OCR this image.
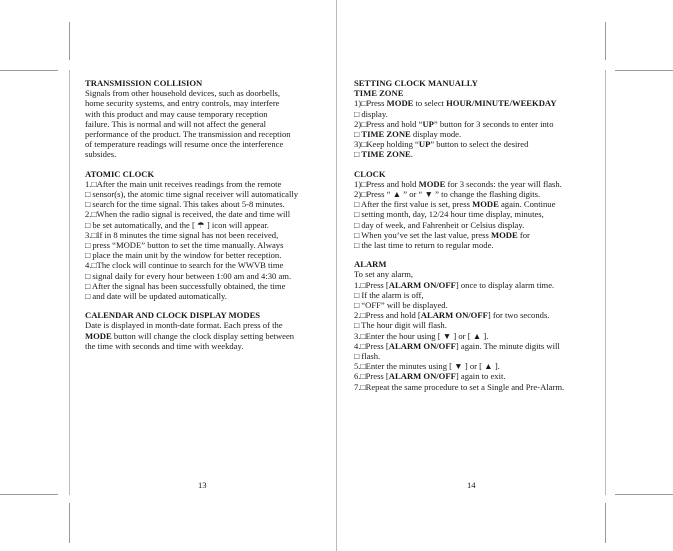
TRANSMISSION COLLISION

Signals from other household devices, such as doorbells,

home security systems, and entry controls, may interfere

with this product and may cause temporary reception

failure. This is normal and will not affect the general

performance of the product. The transmission and reception

of temperature readings will resume once the interference

subsides.

ATOMIC CLOCK

1.□After the main unit receives readings from the remote

□ sensor(s), the atomic time signal receiver will automatically

□ search for the time signal. This takes about 5-8 minutes.

2.□When the radio signal is received, the date and time will

□ be set automatically, and the [ ☂ ] icon will appear.

3.□If in 8 minutes the time signal has not been received,

□ press “MODE” button to set the time manually. Always

□ place the main unit by the window for better reception.

4.□The clock will continue to search for the WWVB time

□ signal daily for every hour between 1:00 am and 4:30 am.

□ After the signal has been successfully obtained, the time

□ and date will be updated automatically.

CALENDAR AND CLOCK DISPLAY MODES

Date is displayed in month-date format. Each press of the

MODE button will change the clock display setting between

the time with seconds and time with weekday.

13

SETTING CLOCK MANUALLY

TIME ZONE

1)□Press MODE to select HOUR/MINUTE/WEEKDAY

□ display.

2)□Press and hold “UP” button for 3 seconds to enter into

□ TIME ZONE display mode.

3)□Keep holding “UP” button to select the desired

□ TIME ZONE.

CLOCK

1)□Press and hold MODE for 3 seconds: the year will flash.

2)□Press “ ▲ ” or “ ▼ ” to change the flashing digits.

□ After the first value is set, press MODE again. Continue

□ setting month, day, 12/24 hour time display, minutes,

□ day of week, and Fahrenheit or Celsius display.

□ When you’ve set the last value, press MODE for

□ the last time to return to regular mode.

ALARM

To set any alarm,

1.□Press [ALARM ON/OFF] once to display alarm time.

□ If the alarm is off,

□ “OFF” will be displayed.

2.□Press and hold [ALARM ON/OFF] for two seconds.

□ The hour digit will flash.

3.□Enter the hour using [ ▼ ] or [ ▲ ].

4.□Press [ALARM ON/OFF] again. The minute digits will

□ flash.

5.□Enter the minutes using [ ▼ ] or [ ▲ ].

6.□Press [ALARM ON/OFF] again to exit.

7.□Repeat the same procedure to set a Single and Pre-Alarm.

14
